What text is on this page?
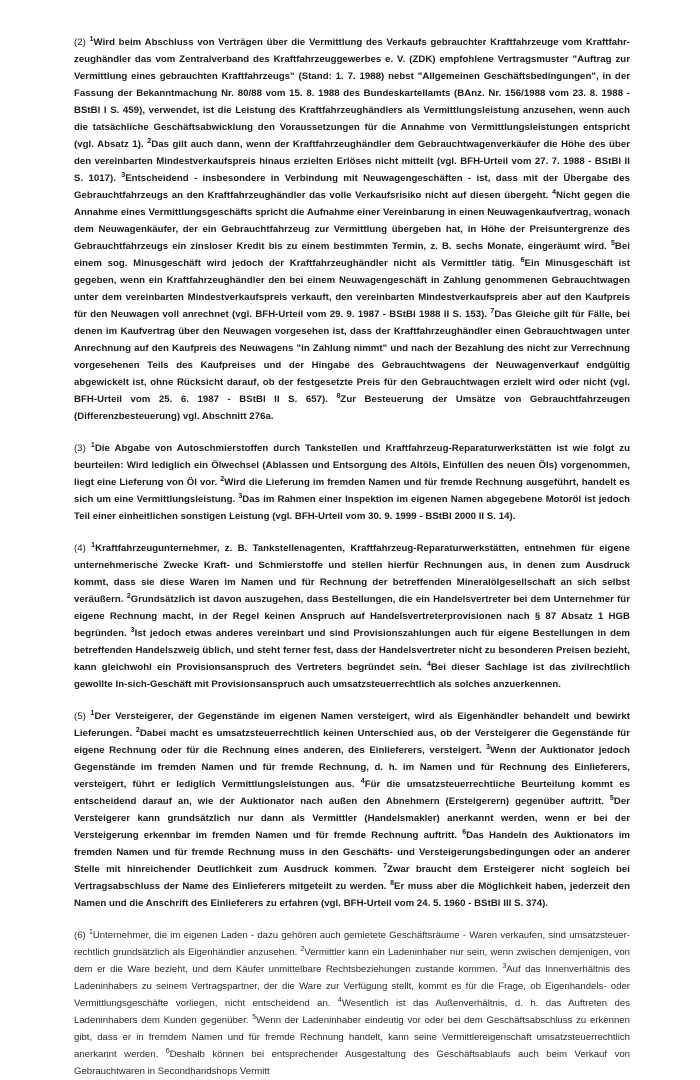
(2) $^1$Wird beim Abschluss von Verträgen über die Vermittlung des Verkaufs gebrauchter Kraftfahrzeuge vom Kraftfahrzeughändler das vom Zentralverband des Kraftfahrzeuggewerbes e. V. (ZDK) empfohlene Vertragsmuster "Auftrag zur Vermittlung eines gebrauchten Kraftfahrzeugs" (Stand: 1. 7. 1988) nebst "Allgemeinen Geschäftsbedingungen", in der Fassung der Bekanntmachung Nr. 80/88 vom 15. 8. 1988 des Bundeskartellamts (BAnz. Nr. 156/1988 vom 23. 8. 1988 - BStBl I S. 459), verwendet, ist die Leistung des Kraftfahrzeughändlers als Vermittlungsleistung anzusehen, wenn auch die tatsächliche Geschäftsabwicklung den Voraussetzungen für die Annahme von Vermittlungsleistungen entspricht (vgl. Absatz 1). $^2$Das gilt auch dann, wenn der Kraftfahrzeughändler dem Gebrauchtwagenverkäufer die Höhe des über den vereinbarten Mindestverkaufspreis hinaus erzielten Erlöses nicht mitteilt (vgl. BFH-Urteil vom 27. 7. 1988 - BStBl II S. 1017). $^3$Entscheidend - insbesondere in Verbindung mit Neuwagengeschäften - ist, dass mit der Übergabe des Gebrauchtfahrzeugs an den Kraftfahrzeughändler das volle Verkaufsrisiko nicht auf diesen übergeht. $^4$Nicht gegen die Annahme eines Vermittlungsgeschäfts spricht die Aufnahme einer Vereinbarung in einen Neuwagenkaufvertrag, wonach dem Neuwagenkäufer, der ein Gebrauchtfahrzeug zur Vermittlung übergeben hat, in Höhe der Preisuntergrenze des Gebrauchtfahrzeugs ein zinsloser Kredit bis zu einem bestimmten Termin, z. B. sechs Monate, eingeräumt wird. $^5$Bei einem sog. Minusgeschäft wird jedoch der Kraftfahrzeughändler nicht als Vermittler tätig. $^6$Ein Minusgeschäft ist gegeben, wenn ein Kraftfahrzeughändler den bei einem Neuwagengeschäft in Zahlung genommenen Gebrauchtwagen unter dem vereinbarten Mindestverkaufspreis verkauft, den vereinbarten Mindestverkaufspreis aber auf den Kaufpreis für den Neuwagen voll anrechnet (vgl. BFH-Urteil vom 29. 9. 1987 - BStBl 1988 II S. 153). $^7$Das Gleiche gilt für Fälle, bei denen im Kaufvertrag über den Neuwagen vorgesehen ist, dass der Kraftfahrzeughändler einen Gebrauchtwagen unter Anrechnung auf den Kaufpreis des Neuwagens "in Zahlung nimmt" und nach der Bezahlung des nicht zur Verrechnung vorgesehenen Teils des Kaufpreises und der Hingabe des Gebrauchtwagens der Neuwagenverkauf endgültig abgewickelt ist, ohne Rücksicht darauf, ob der festgesetzte Preis für den Gebrauchtwagen erzielt wird oder nicht (vgl. BFH-Urteil vom 25. 6. 1987 - BStBl II S. 657). $^8$Zur Besteuerung der Umsätze von Gebrauchtfahrzeugen (Differenzbesteuerung) vgl. Abschnitt 276a.

(3) $^1$Die Abgabe von Autoschmierstoffen durch Tankstellen und Kraftfahrzeug-Reparaturwerkstätten ist wie folgt zu beurteilen: Wird lediglich ein Ölwechsel (Ablassen und Entsorgung des Altöls, Einfüllen des neuen Öls) vorgenommen, liegt eine Lieferung von Öl vor. $^2$Wird die Lieferung im fremden Namen und für fremde Rechnung ausgeführt, handelt es sich um eine Vermittlungsleistung. $^3$Das im Rahmen einer Inspektion im eigenen Namen abgegebene Motoröl ist jedoch Teil einer einheitlichen sonstigen Leistung (vgl. BFH-Urteil vom 30. 9. 1999 - BStBl 2000 II S. 14).

(4) $^1$Kraftfahrzeugunternehmer, z. B. Tankstellenagenten, Kraftfahrzeug-Reparaturwerkstätten, entnehmen für eigene unternehmerische Zwecke Kraft- und Schmierstoffe und stellen hierfür Rechnungen aus, in denen zum Ausdruck kommt, dass sie diese Waren im Namen und für Rechnung der betreffenden Mineralölgesellschaft an sich selbst veräußern. $^2$Grundsätzlich ist davon auszugehen, dass Bestellungen, die ein Handelsvertreter bei dem Unternehmer für eigene Rechnung macht, in der Regel keinen Anspruch auf Handelsvertreterprovisionen nach § 87 Absatz 1 HGB begründen. $^3$Ist jedoch etwas anderes vereinbart und sind Provisionszahlungen auch für eigene Bestellungen in dem betreffenden Handelszweig üblich, und steht ferner fest, dass der Handelsvertreter nicht zu besonderen Preisen bezieht, kann gleichwohl ein Provisionsanspruch des Vertreters begründet sein. $^4$Bei dieser Sachlage ist das zivilrechtlich gewollte In-sich-Geschäft mit Provisionsanspruch auch umsatzsteuerrechtlich als solches anzuerkennen.

(5) $^1$Der Versteigerer, der Gegenstände im eigenen Namen versteigert, wird als Eigenhändler behandelt und bewirkt Lieferungen. $^2$Dabei macht es umsatzsteuerrechtlich keinen Unterschied aus, ob der Versteigerer die Gegenstände für eigene Rechnung oder für die Rechnung eines anderen, des Einlieferers, versteigert. $^3$Wenn der Auktionator jedoch Gegenstände im fremden Namen und für fremde Rechnung, d. h. im Namen und für Rechnung des Einlieferers, versteigert, führt er lediglich Vermittlungsleistungen aus. $^4$Für die umsatzsteuerrechtliche Beurteilung kommt es entscheidend darauf an, wie der Auktionator nach außen den Abnehmern (Ersteigerern) gegenüber auftritt. $^5$Der Versteigerer kann grundsätzlich nur dann als Vermittler (Handelsmakler) anerkannt werden, wenn er bei der Versteigerung erkennbar im fremden Namen und für fremde Rechnung auftritt. $^6$Das Handeln des Auktionators im fremden Namen und für fremde Rechnung muss in den Geschäfts- und Versteigerungsbedingungen oder an anderer Stelle mit hinreichender Deutlichkeit zum Ausdruck kommen. $^7$Zwar braucht dem Ersteigerer nicht sogleich bei Vertragsabschluss der Name des Einlieferers mitgeteilt zu werden. $^8$Er muss aber die Möglichkeit haben, jederzeit den Namen und die Anschrift des Einlieferers zu erfahren (vgl. BFH-Urteil vom 24. 5. 1960 - BStBl III S. 374).

(6) $^1$Unternehmer, die im eigenen Laden - dazu gehören auch gemietete Geschäftsräume - Waren verkaufen, sind umsatzsteuerrechtlich grundsätzlich als Eigenhändler anzusehen. $^2$Vermittler kann ein Ladeninhaber nur sein, wenn zwischen demjenigen, von dem er die Ware bezieht, und dem Käufer unmittelbare Rechtsbeziehungen zustande kommen. $^3$Auf das Innenverhältnis des Ladeninhabers zu seinem Vertragspartner, der die Ware zur Verfügung stellt, kommt es für die Frage, ob Eigenhandels- oder Vermittlungsgeschäfte vorliegen, nicht entscheidend an. $^4$Wesentlich ist das Außenverhältnis, d. h. das Auftreten des Ladeninhabers dem Kunden gegenüber. $^5$Wenn der Ladeninhaber eindeutig vor oder bei dem Geschäftsabschluss zu erkennen gibt, dass er in fremdem Namen und für fremde Rechnung handelt, kann seine Vermittlereigenschaft umsatzsteuerrechtlich anerkannt werden. $^6$Deshalb können bei entsprechender Ausgestaltung des Geschäftsablaufs auch beim Verkauf von Gebrauchtwaren in Secondhandshops Vermitt
